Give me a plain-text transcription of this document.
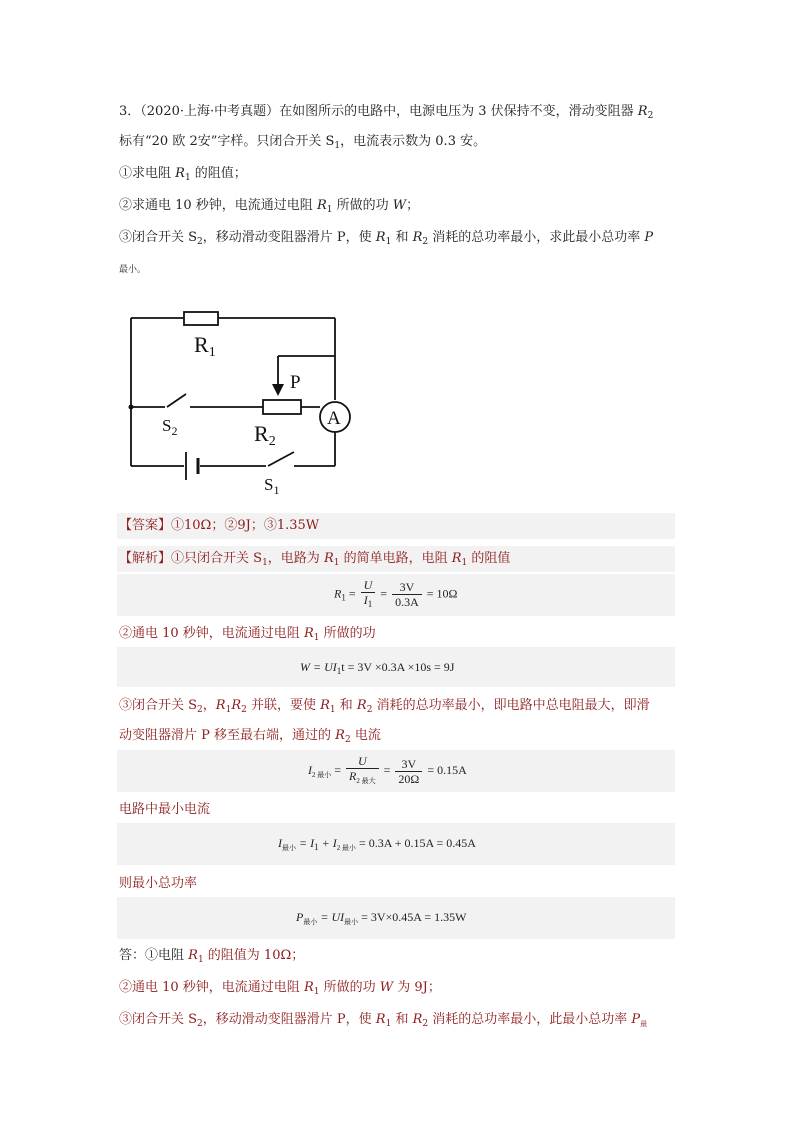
3．（2020·上海·中考真题）在如图所示的电路中，电源电压为 3 伏保持不变，滑动变阻器 $R_2$
标有“20 欧 2安”字样。只闭合开关 $S_1$，电流表示数为 0.3 安。
①求电阻 $R_1$ 的阻值；
②求通电 10 秒钟，电流通过电阻 $R_1$ 所做的功 W；
③闭合开关 $S_2$，移动滑动变阻器滑片 P，使 $R_1$ 和 $R_2$ 消耗的总功率最小，求此最小总功率 P
最小。
R1
R2
$S_2$
$S_1$
P
A
【答案】①10Ω；②9J；③1.35W
【解析】①只闭合开关 $S_1$，电路为 $R_1$ 的简单电路，电阻 $R_1$ 的阻值
$R_1 = \frac{U}{I_1} = \frac{3V}{0.3A} = 10\Omega$
②通电 10 秒钟，电流通过电阻 $R_1$ 所做的功
$W = UI_1t = 3V \times 0.3A \times 10s = 9J$
③闭合开关 $S_2$，$R_1R_2$ 并联，要使 $R_1$ 和 $R_2$ 消耗的总功率最小，即电路中总电阻最大，即滑
动变阻器滑片 P 移至最右端，通过的 $R_2$ 电流
$I_{2 最小} = \frac{U}{R_{2 最大}} = \frac{3V}{20\Omega} = 0.15A$
电路中最小电流
$I_{最小} = I_1 + I_{2 最小} = 0.3A + 0.15A = 0.45A$
则最小总功率
$P_{最小} = UI_{最小} = 3V\times 0.45A = 1.35W$
答：①电阻 $R_1$ 的阻值为 10Ω；
②通电 10 秒钟，电流通过电阻 $R_1$ 所做的功 W 为 9J；
③闭合开关 $S_2$，移动滑动变阻器滑片 P，使 $R_1$ 和 $R_2$ 消耗的总功率最小，此最小总功率 $P_最$
